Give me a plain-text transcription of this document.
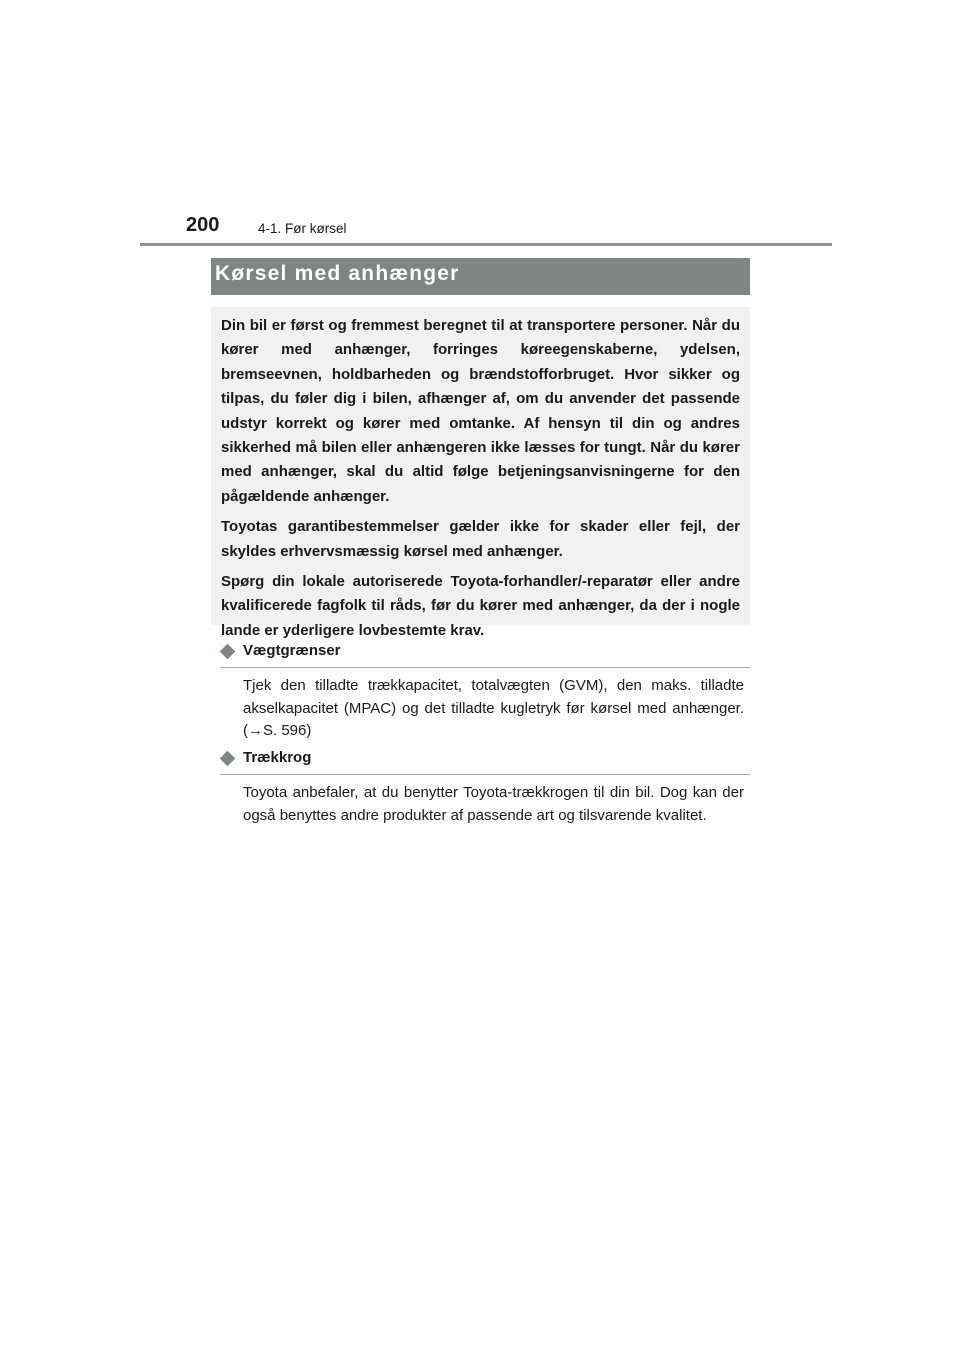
200	4-1. Før kørsel
Kørsel med anhænger

Din bil er først og fremmest beregnet til at transportere personer. Når du kører med anhænger, forringes køreegenskaberne, ydelsen, bremseevnen, holdbarheden og brændstofforbruget. Hvor sikker og tilpas, du føler dig i bilen, afhænger af, om du anvender det passende udstyr korrekt og kører med omtanke. Af hensyn til din og andres sikkerhed må bilen eller anhængeren ikke læsses for tungt. Når du kører med anhænger, skal du altid følge betjeningsanvisningerne for den pågældende anhænger.

Toyotas garantibestemmelser gælder ikke for skader eller fejl, der skyldes erhvervsmæssig kørsel med anhænger.

Spørg din lokale autoriserede Toyota-forhandler/-reparatør eller andre kvalificerede fagfolk til råds, før du kører med anhænger, da der i nogle lande er yderligere lovbestemte krav.

Vægtgrænser

Tjek den tilladte trækkapacitet, totalvægten (GVM), den maks. tilladte akselkapacitet (MPAC) og det tilladte kugletryk før kørsel med anhænger. (→S. 596)

Trækkrog

Toyota anbefaler, at du benytter Toyota-trækkrogen til din bil. Dog kan der også benyttes andre produkter af passende art og tilsvarende kvalitet.
